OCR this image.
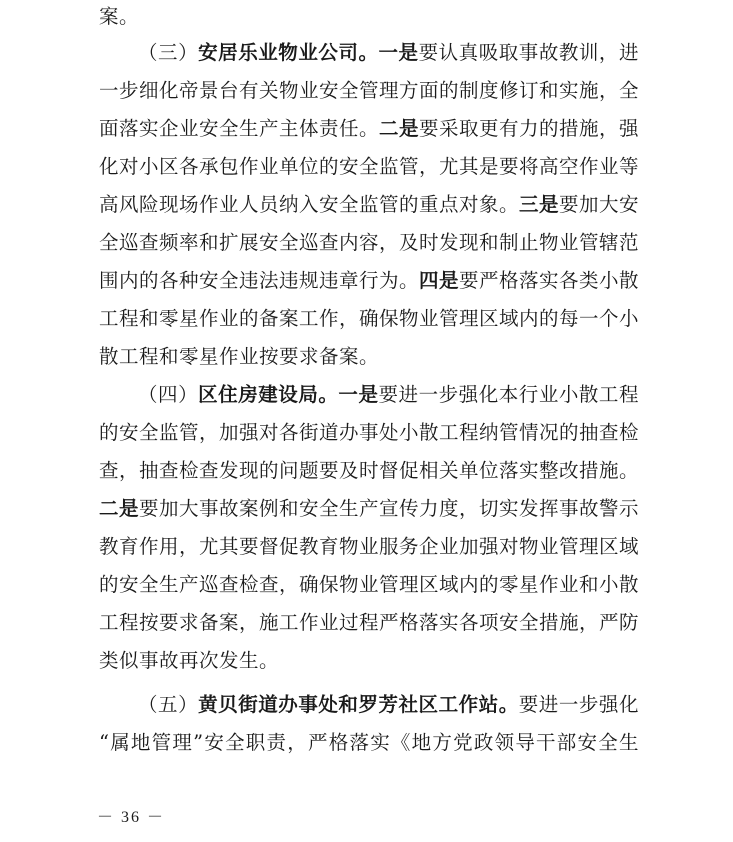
案。
（三）安居乐业物业公司。一是要认真吸取事故教训，进
一步细化帝景台有关物业安全管理方面的制度修订和实施，全
面落实企业安全生产主体责任。二是要采取更有力的措施，强
化对小区各承包作业单位的安全监管，尤其是要将高空作业等
高风险现场作业人员纳入安全监管的重点对象。三是要加大安
全巡查频率和扩展安全巡查内容，及时发现和制止物业管辖范
围内的各种安全违法违规违章行为。四是要严格落实各类小散
工程和零星作业的备案工作，确保物业管理区域内的每一个小
散工程和零星作业按要求备案。
（四）区住房建设局。一是要进一步强化本行业小散工程
的安全监管，加强对各街道办事处小散工程纳管情况的抽查检
查，抽查检查发现的问题要及时督促相关单位落实整改措施。
二是要加大事故案例和安全生产宣传力度，切实发挥事故警示
教育作用，尤其要督促教育物业服务企业加强对物业管理区域
的安全生产巡查检查，确保物业管理区域内的零星作业和小散
工程按要求备案，施工作业过程严格落实各项安全措施，严防
类似事故再次发生。
（五）黄贝街道办事处和罗芳社区工作站。要进一步强化
“属地管理”安全职责，严格落实《地方党政领导干部安全生
－ 36 －
